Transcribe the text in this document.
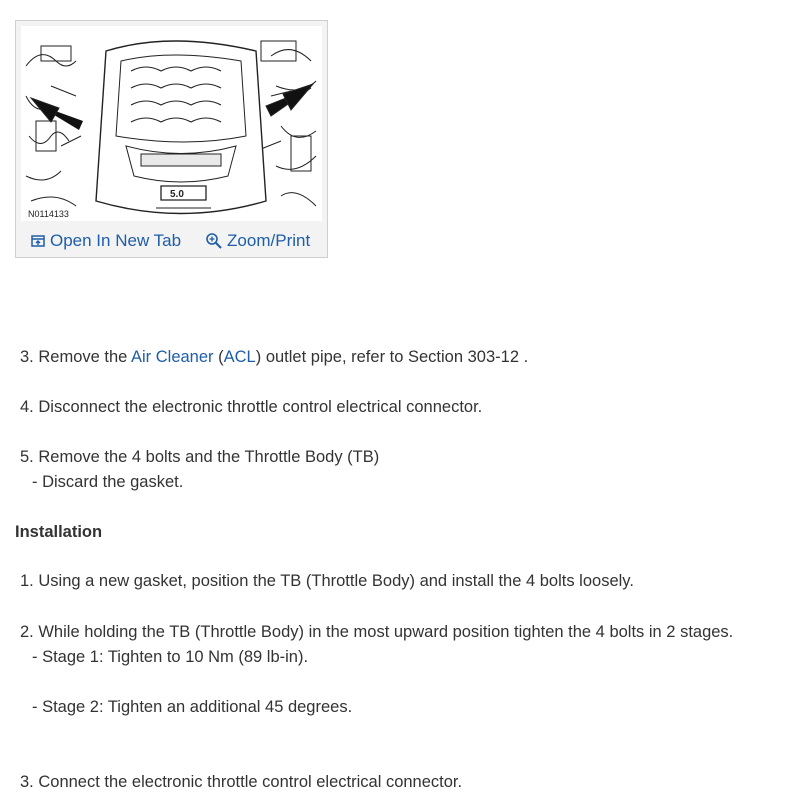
5.0
N0114133
Open In New Tab	Zoom/Print
3. Remove the Air Cleaner (ACL) outlet pipe, refer to Section 303-12 .
4. Disconnect the electronic throttle control electrical connector.
5. Remove the 4 bolts and the Throttle Body (TB)
- Discard the gasket.
Installation
1. Using a new gasket, position the TB (Throttle Body) and install the 4 bolts loosely.
2. While holding the TB (Throttle Body) in the most upward position tighten the 4 bolts in 2 stages.
- Stage 1: Tighten to 10 Nm (89 lb-in).
- Stage 2: Tighten an additional 45 degrees.
3. Connect the electronic throttle control electrical connector.
